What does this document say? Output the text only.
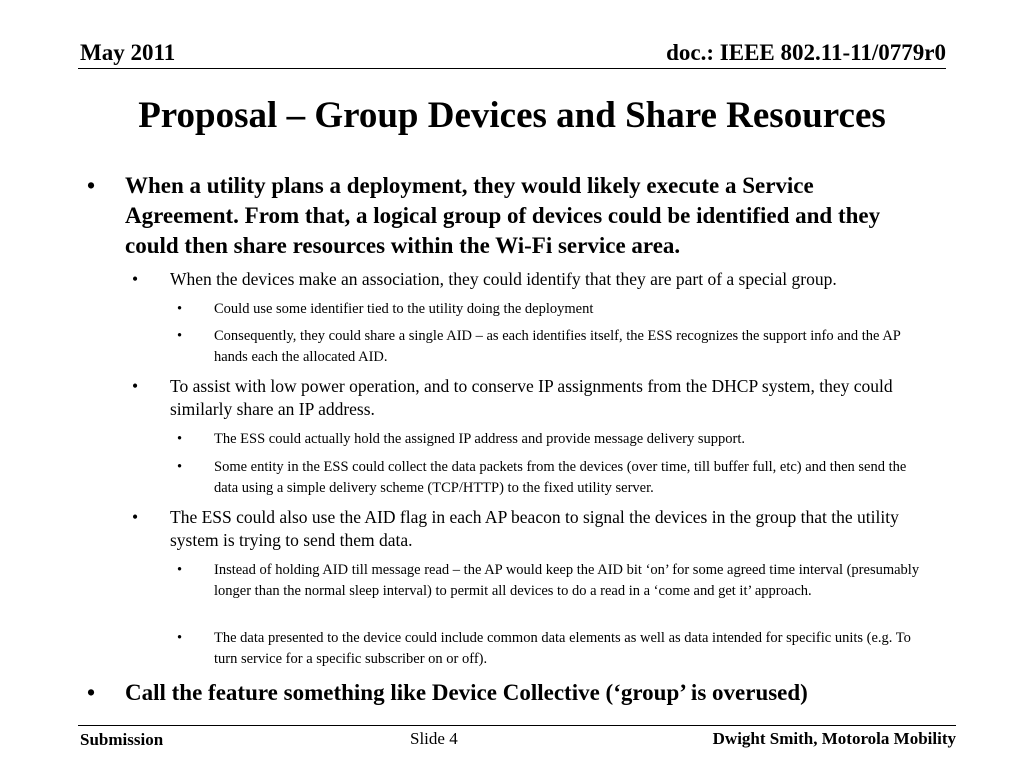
May 2011	doc.: IEEE 802.11-11/0779r0
Proposal – Group Devices and Share Resources
• When a utility plans a deployment, they would likely execute a Service Agreement. From that, a logical group of devices could be identified and they could then share resources within the Wi-Fi service area.
• When the devices make an association, they could identify that they are part of a special group.
• Could use some identifier tied to the utility doing the deployment
• Consequently, they could share a single AID – as each identifies itself, the ESS recognizes the support info and the AP hands each the allocated AID.
• To assist with low power operation, and to conserve IP assignments from the DHCP system, they could similarly share an IP address.
• The ESS could actually hold the assigned IP address and provide message delivery support.
• Some entity in the ESS could collect the data packets from the devices (over time, till buffer full, etc) and then send the data using a simple delivery scheme (TCP/HTTP) to the fixed utility server.
• The ESS could also use the AID flag in each AP beacon to signal the devices in the group that the utility system is trying to send them data.
• Instead of holding AID till message read – the AP would keep the AID bit ‘on’ for some agreed time interval (presumably longer than the normal sleep interval) to permit all devices to do a read in a ‘come and get it’ approach.
• The data presented to the device could include common data elements as well as data intended for specific units (e.g. To turn service for a specific subscriber on or off).
• Call the feature something like Device Collective (‘group’ is overused)
Submission	Slide 4	Dwight Smith, Motorola Mobility
